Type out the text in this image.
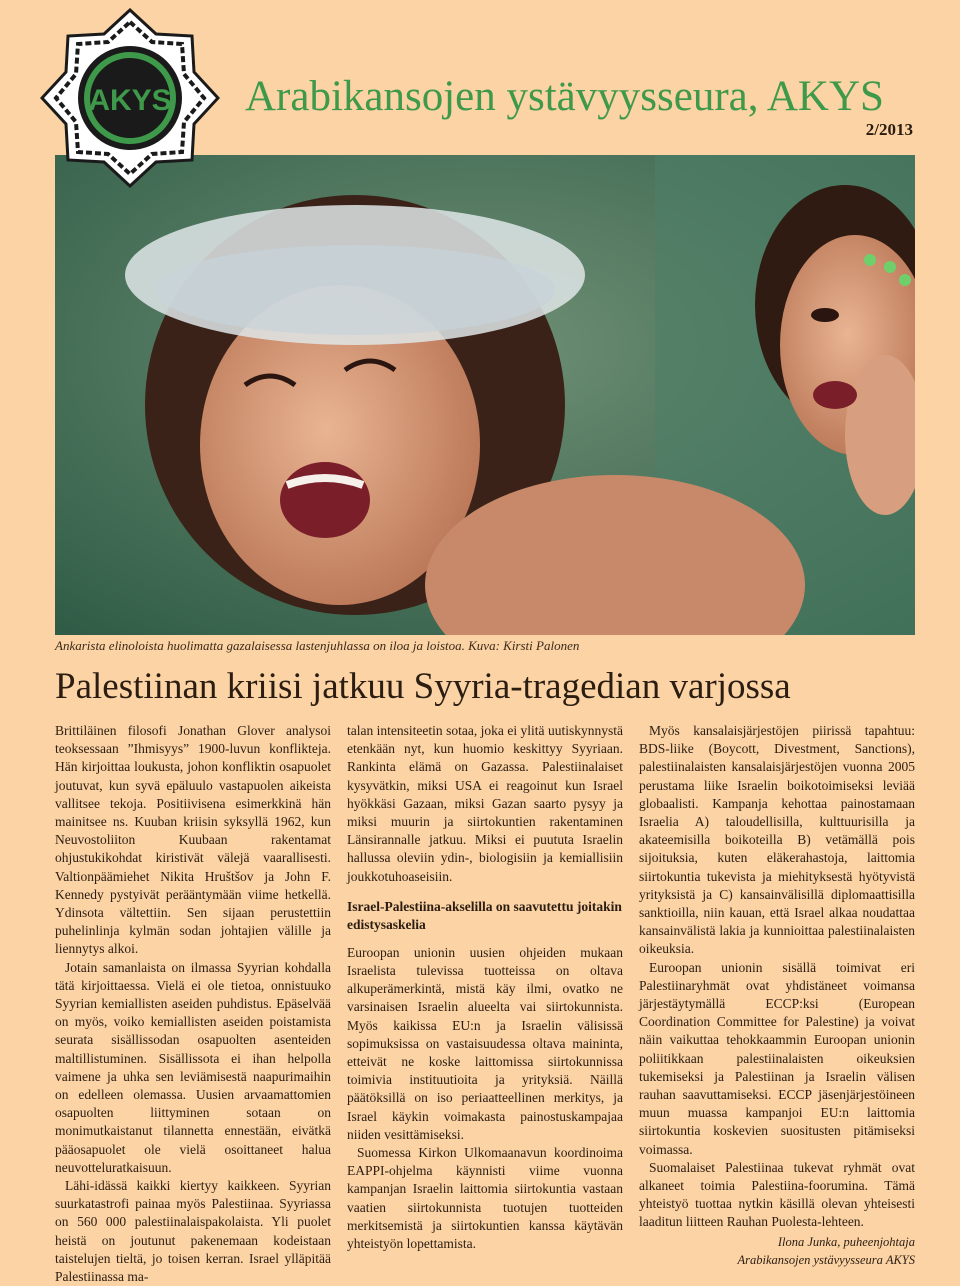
AKYS Arabikansojen ystävyysseura, AKYS
2/2013
Ankarista elinoloista huolimatta gazalaisessa lastenjuhlassa on iloa ja loistoa. Kuva: Kirsti Palonen
Palestiinan kriisi jatkuu Syyria-tragedian varjossa

Brittiläinen filosofi Jonathan Glover analysoi teoksessaan ”Ihmisyys” 1900-luvun konflikteja. Hän kirjoittaa loukusta, johon konfliktin osapuolet joutuvat, kun syvä epäluulo vastapuolen aikeista vallitsee tekoja. Positiivisena esimerkkinä hän mainitsee ns. Kuuban kriisin syksyllä 1962, kun Neuvostoliiton Kuubaan rakentamat ohjustukikohdat kiristivät välejä vaarallisesti. Valtionpäämiehet Nikita Hruštšov ja John F. Kennedy pystyivät perääntymään viime hetkellä. Ydinsota vältettiin. Sen sijaan perustettiin puhelinlinja kylmän sodan johtajien välille ja liennytys alkoi.

Jotain samanlaista on ilmassa Syyrian kohdalla tätä kirjoittaessa. Vielä ei ole tietoa, onnistuuko Syyrian kemiallisten aseiden puhdistus. Epäselvää on myös, voiko kemiallisten aseiden poistamista seurata sisällissodan osapuolten asenteiden maltillistuminen. Sisällissota ei ihan helpolla vaimene ja uhka sen leviämisestä naapurimaihin on edelleen olemassa. Uusien arvaamattomien osapuolten liittyminen sotaan on monimutkaistanut tilannetta ennestään, eivätkä pääosapuolet ole vielä osoittaneet halua neuvotteluratkaisuun.

Lähi-idässä kaikki kiertyy kaikkeen. Syyrian suurkatastrofi painaa myös Palestiinaa. Syyriassa on 560 000 palestiinalaispakolaista. Yli puolet heistä on joutunut pakenemaan kodeistaan taistelujen tieltä, jo toisen kerran. Israel ylläpitää Palestiinassa ma-

talan intensiteetin sotaa, joka ei ylitä uutiskynnystä etenkään nyt, kun huomio keskittyy Syyriaan. Rankinta elämä on Gazassa. Palestiinalaiset kysyvätkin, miksi USA ei reagoinut kun Israel hyökkäsi Gazaan, miksi Gazan saarto pysyy ja miksi muurin ja siirtokuntien rakentaminen Länsirannalle jatkuu. Miksi ei puututa Israelin hallussa oleviin ydin-, biologisiin ja kemiallisiin joukkotuhoaseisiin.

Israel-Palestiina-akselilla on saavutettu joitakin edistysaskelia

Euroopan unionin uusien ohjeiden mukaan Israelista tulevissa tuotteissa on oltava alkuperämerkintä, mistä käy ilmi, ovatko ne varsinaisen Israelin alueelta vai siirtokunnista. Myös kaikissa EU:n ja Israelin välisissä sopimuksissa on vastaisuudessa oltava maininta, etteivät ne koske laittomissa siirtokunnissa toimivia instituutioita ja yrityksiä. Näillä päätöksillä on iso periaatteellinen merkitys, ja Israel käykin voimakasta painostuskampajaa niiden vesittämiseksi.

Suomessa Kirkon Ulkomaanavun koordinoima EAPPI-ohjelma käynnisti viime vuonna kampanjan Israelin laittomia siirtokuntia vastaan vaatien siirtokunnista tuotujen tuotteiden merkitsemistä ja siirtokuntien kanssa käytävän yhteistyön lopettamista.

Myös kansalaisjärjestöjen piirissä tapahtuu: BDS-liike (Boycott, Divestment, Sanctions), palestiinalaisten kansalaisjärjestöjen vuonna 2005 perustama liike Israelin boikotoimiseksi leviää globaalisti. Kampanja kehottaa painostamaan Israelia A) taloudellisilla, kulttuurisilla ja akateemisilla boikoteilla B) vetämällä pois sijoituksia, kuten eläkerahastoja, laittomia siirtokuntia tukevista ja miehityksestä hyötyvistä yrityksistä ja C) kansainvälisillä diplomaattisilla sanktioilla, niin kauan, että Israel alkaa noudattaa kansainvälistä lakia ja kunnioittaa palestiinalaisten oikeuksia.

Euroopan unionin sisällä toimivat eri Palestiinaryhmät ovat yhdistäneet voimansa järjestäytymällä ECCP:ksi (European Coordination Committee for Palestine) ja voivat näin vaikuttaa tehokkaammin Euroopan unionin poliitikkaan palestiinalaisten oikeuksien tukemiseksi ja Palestiinan ja Israelin välisen rauhan saavuttamiseksi. ECCP jäsenjärjestöineen muun muassa kampanjoi EU:n laittomia siirtokuntia koskevien suositusten pitämiseksi voimassa.

Suomalaiset Palestiinaa tukevat ryhmät ovat alkaneet toimia Palestiina-foorumina. Tämä yhteistyö tuottaa nytkin käsillä olevan yhteisesti laaditun liitteen Rauhan Puolesta-lehteen.

Ilona Junka, puheenjohtaja
Arabikansojen ystävyysseura AKYS
